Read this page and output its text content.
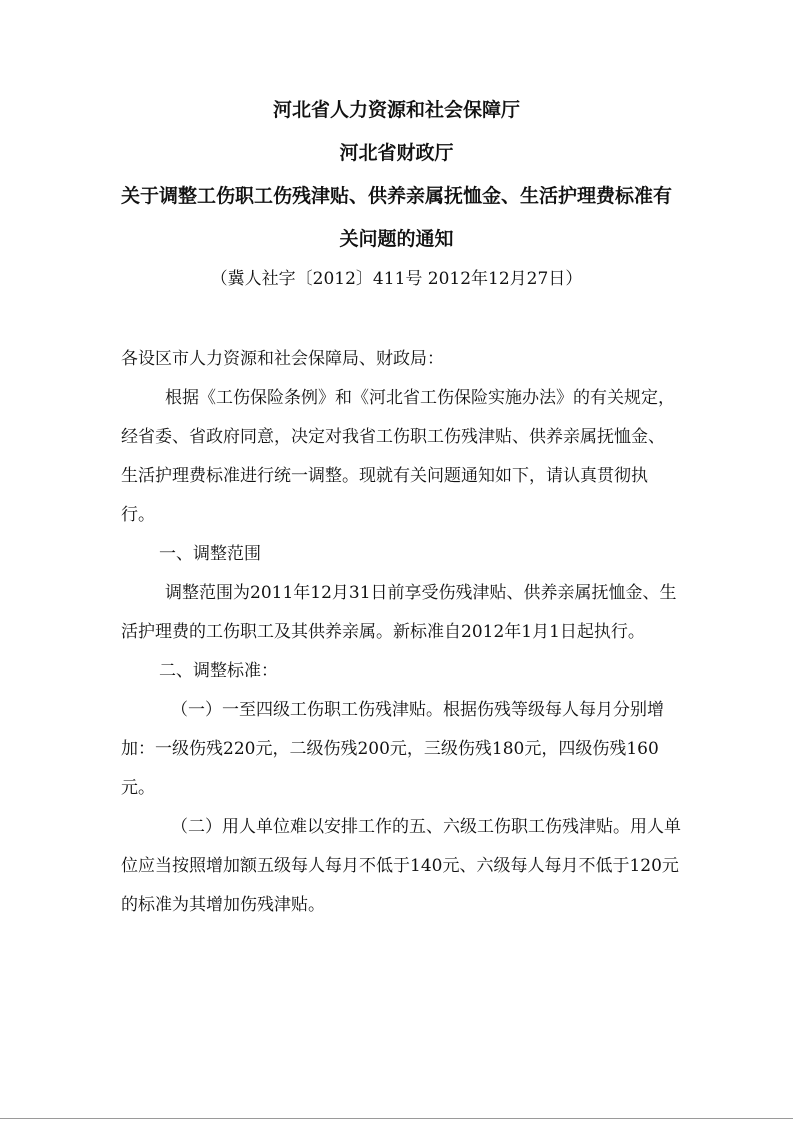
河北省人力资源和社会保障厅
河北省财政厅
关于调整工伤职工伤残津贴、供养亲属抚恤金、生活护理费标准有
关问题的通知
（冀人社字〔2012〕411号 2012年12月27日）

各设区市人力资源和社会保障局、财政局：

根据《工伤保险条例》和《河北省工伤保险实施办法》的有关规定，经省委、省政府同意，决定对我省工伤职工伤残津贴、供养亲属抚恤金、生活护理费标准进行统一调整。现就有关问题通知如下，请认真贯彻执行。

一、调整范围

调整范围为2011年12月31日前享受伤残津贴、供养亲属抚恤金、生活护理费的工伤职工及其供养亲属。新标准自2012年1月1日起执行。

二、调整标准：

（一）一至四级工伤职工伤残津贴。根据伤残等级每人每月分别增加：一级伤残220元，二级伤残200元，三级伤残180元，四级伤残160元。

（二）用人单位难以安排工作的五、六级工伤职工伤残津贴。用人单位应当按照增加额五级每人每月不低于140元、六级每人每月不低于120元的标准为其增加伤残津贴。
